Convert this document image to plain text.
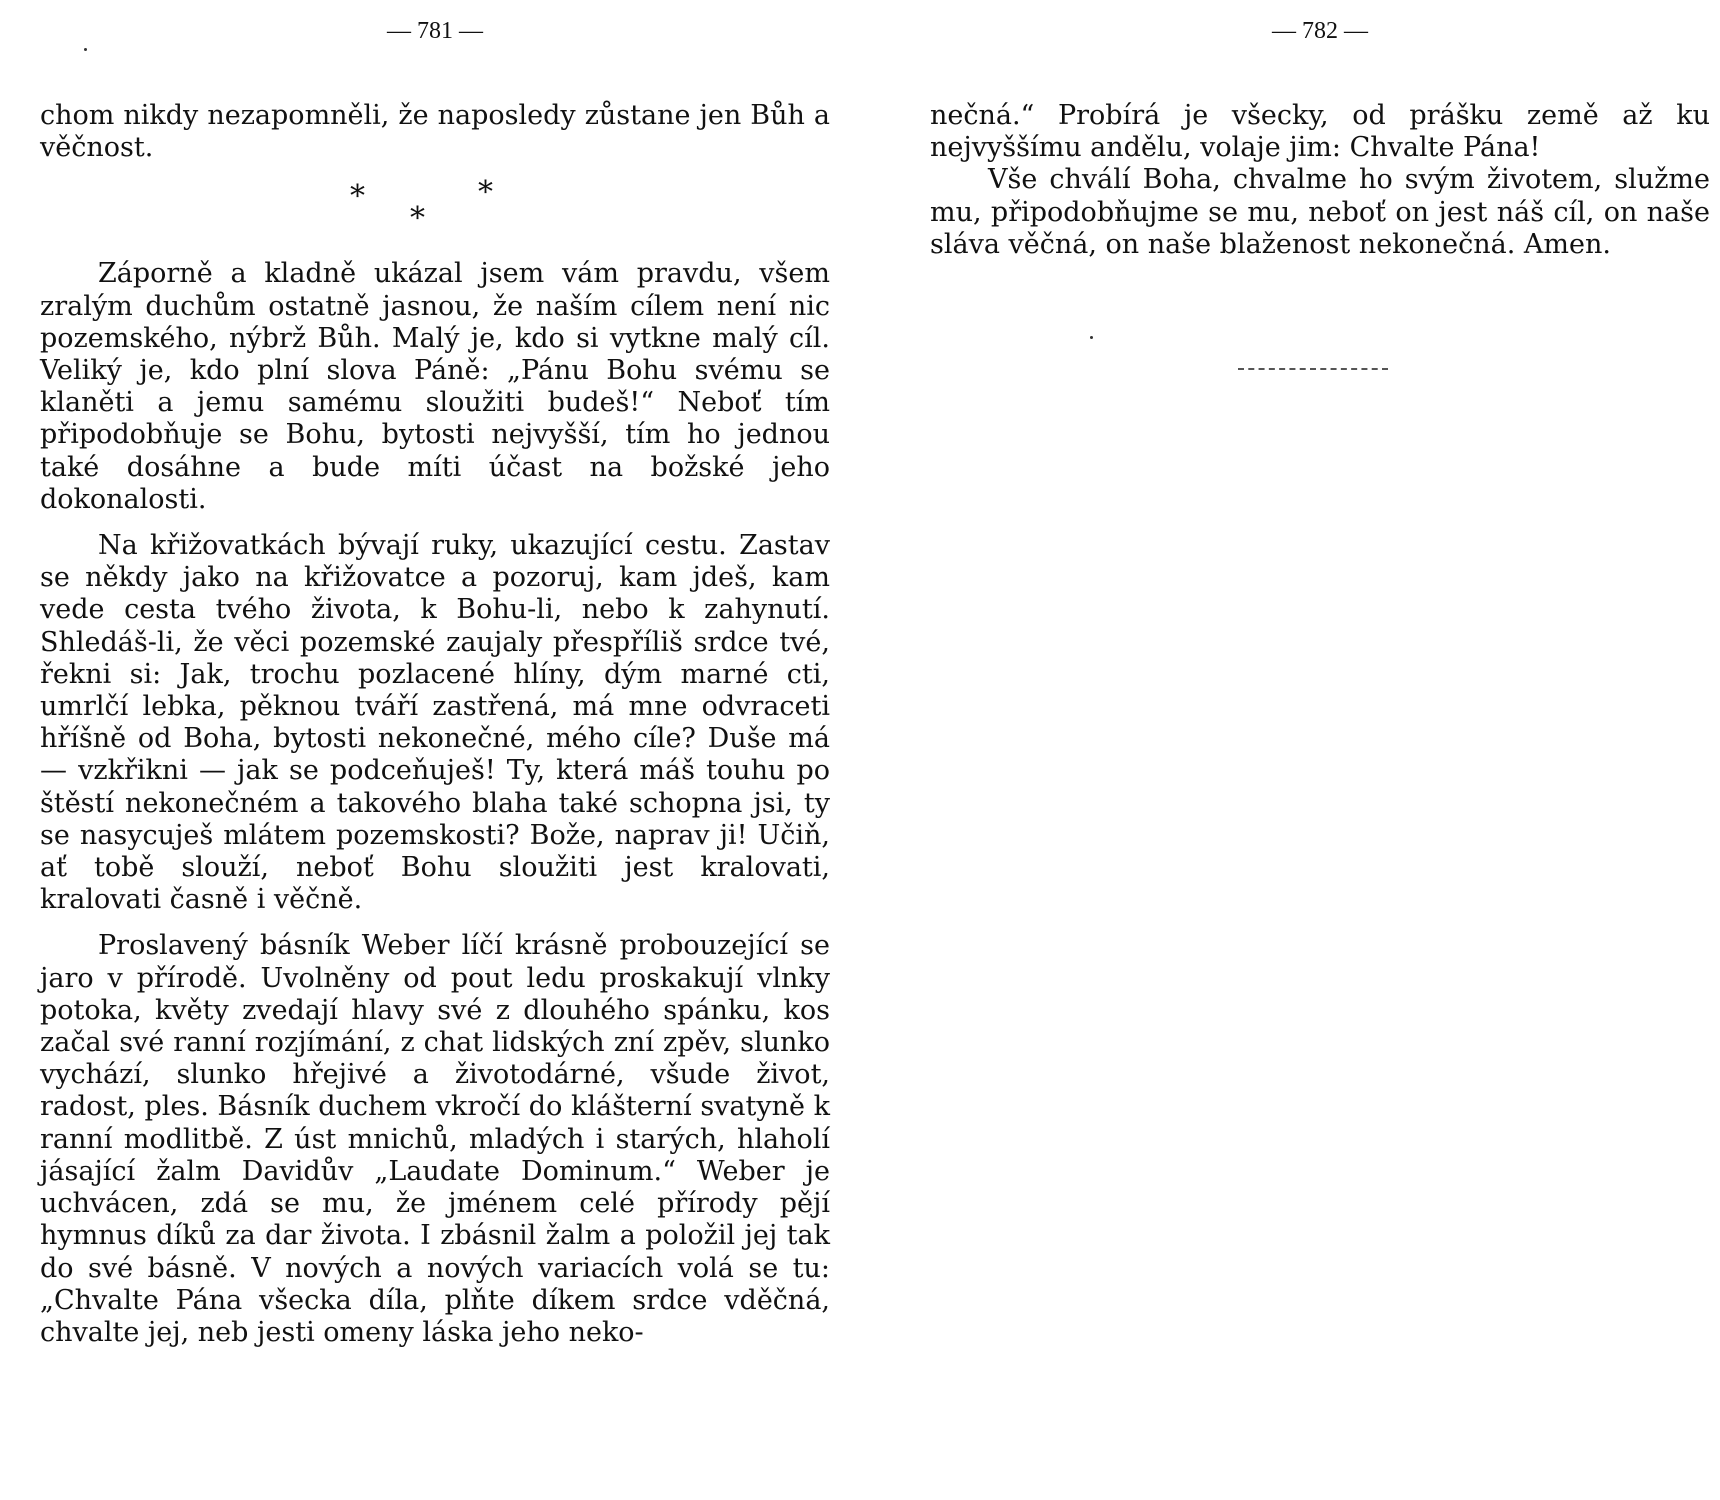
— 781 —

chom nikdy nezapomněli, že naposledy zůstane jen Bůh a věčnost.

*
*
*

Záporně a kladně ukázal jsem vám pravdu, všem zralým duchům ostatně jasnou, že naším cílem není nic pozemského, nýbrž Bůh. Malý je, kdo si vytkne malý cíl. Veliký je, kdo plní slova Páně: „Pánu Bohu svému se klaněti a jemu samému sloužiti budeš!“ Neboť tím připodobňuje se Bohu, bytosti nejvyšší, tím ho jednou také dosáhne a bude míti účast na božské jeho dokonalosti.

Na křižovatkách bývají ruky, ukazující cestu. Zastav se někdy jako na křižovatce a pozoruj, kam jdeš, kam vede cesta tvého života, k Bohu-li, nebo k zahynutí. Shledáš-li, že věci pozemské zaujaly přespříliš srdce tvé, řekni si: Jak, trochu pozlacené hlíny, dým marné cti, umrlčí lebka, pěknou tváří zastřená, má mne odvraceti hříšně od Boha, bytosti nekonečné, mého cíle? Duše má — vzkřikni — jak se podceňuješ! Ty, která máš touhu po štěstí nekonečném a takového blaha také schopna jsi, ty se nasycuješ mlátem pozemskosti? Bože, naprav ji! Učiň, ať tobě slouží, neboť Bohu sloužiti jest kralovati, kralovati časně i věčně.

Proslavený básník Weber líčí krásně probouzející se jaro v přírodě. Uvolněny od pout ledu proskakují vlnky potoka, květy zvedají hlavy své z dlouhého spánku, kos začal své ranní rozjímání, z chat lidských zní zpěv, slunko vychází, slunko hřejivé a životodárné, všude život, radost, ples. Básník duchem vkročí do klášterní svatyně k ranní modlitbě. Z úst mnichů, mladých i starých, hlaholí jásající žalm Davidův „Laudate Dominum.“ Weber je uchvácen, zdá se mu, že jménem celé přírody pějí hymnus díků za dar života. I zbásnil žalm a položil jej tak do své básně. V nových a nových variacích volá se tu: „Chvalte Pána všecka díla, plňte díkem srdce vděčná, chvalte jej, neb jesti omeny láska jeho neko-

— 782 —

nečná.“ Probírá je všecky, od prášku země až ku nejvyššímu andělu, volaje jim: Chvalte Pána!

Vše chválí Boha, chvalme ho svým životem, služme mu, připodobňujme se mu, neboť on jest náš cíl, on naše sláva věčná, on naše blaženost nekonečná. Amen.
